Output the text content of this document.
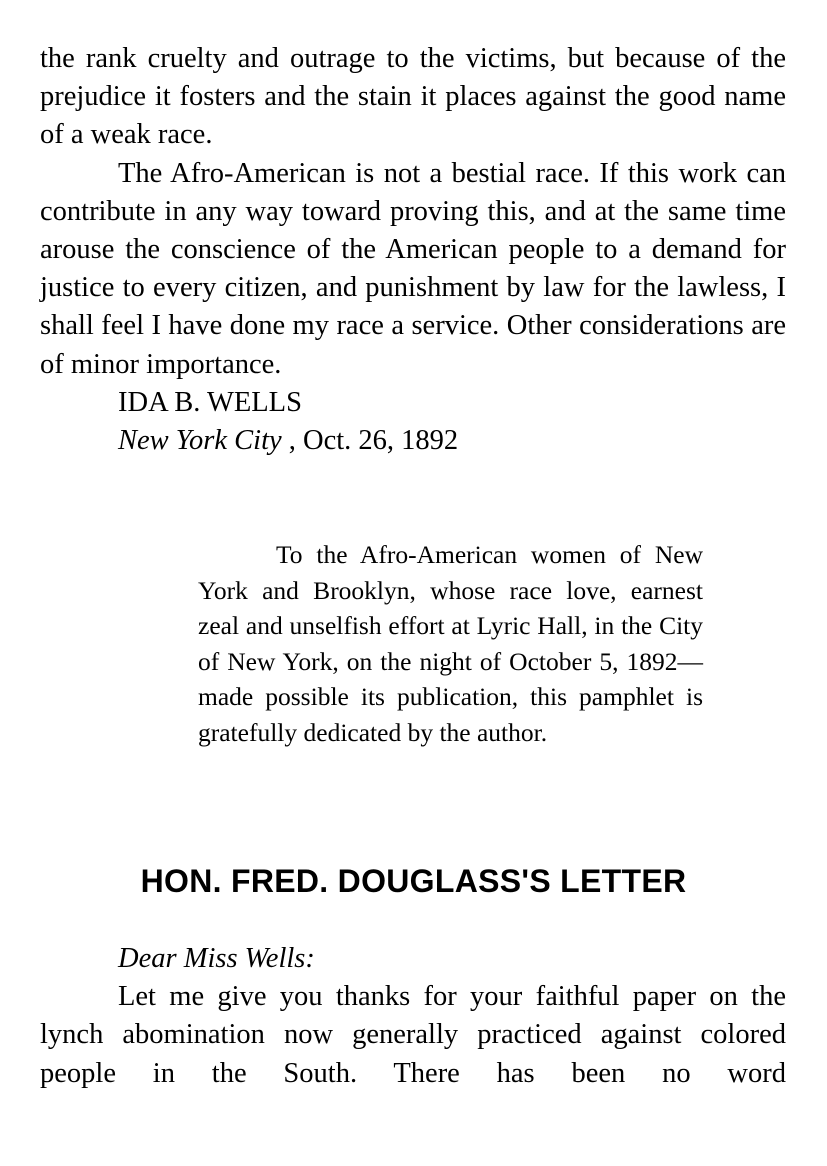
the rank cruelty and outrage to the victims, but because of the prejudice it fosters and the stain it places against the good name of a weak race.

The Afro-American is not a bestial race. If this work can contribute in any way toward proving this, and at the same time arouse the conscience of the American people to a demand for justice to every citizen, and punishment by law for the lawless, I shall feel I have done my race a service. Other considerations are of minor importance.

IDA B. WELLS

New York City , Oct. 26, 1892

To the Afro-American women of New York and Brooklyn, whose race love, earnest zeal and unselfish effort at Lyric Hall, in the City of New York, on the night of October 5, 1892—made possible its publication, this pamphlet is gratefully dedicated by the author.

HON. FRED. DOUGLASS'S LETTER

Dear Miss Wells:

Let me give you thanks for your faithful paper on the lynch abomination now generally practiced against colored people in the South. There has been no word
